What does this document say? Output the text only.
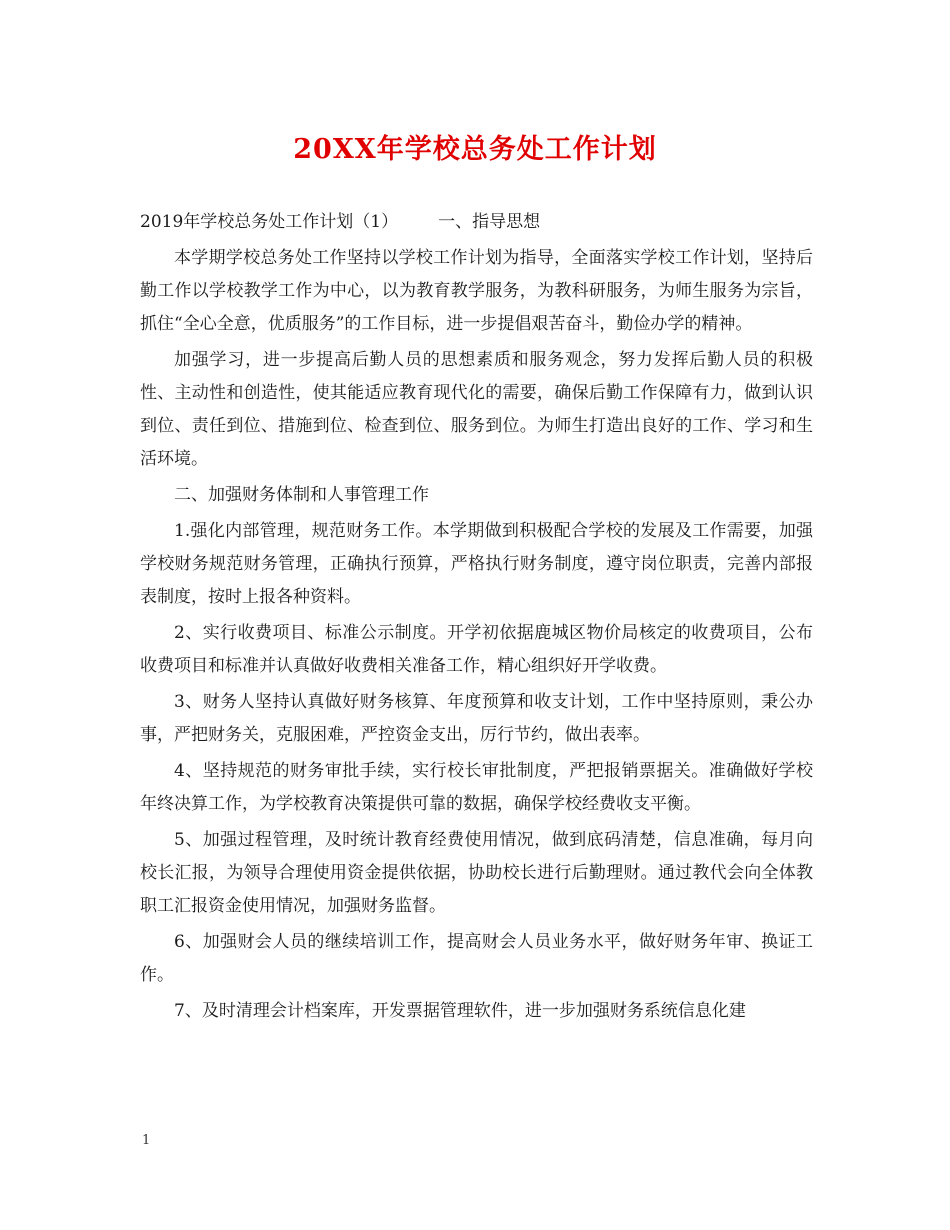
20XX年学校总务处工作计划

2019年学校总务处工作计划（1） 一、指导思想

本学期学校总务处工作坚持以学校工作计划为指导，全面落实学校工作计划，坚持后勤工作以学校教学工作为中心，以为教育教学服务，为教科研服务，为师生服务为宗旨，抓住“全心全意，优质服务”的工作目标，进一步提倡艰苦奋斗，勤俭办学的精神。

加强学习，进一步提高后勤人员的思想素质和服务观念，努力发挥后勤人员的积极性、主动性和创造性，使其能适应教育现代化的需要，确保后勤工作保障有力，做到认识到位、责任到位、措施到位、检查到位、服务到位。为师生打造出良好的工作、学习和生活环境。

二、加强财务体制和人事管理工作

1.强化内部管理，规范财务工作。本学期做到积极配合学校的发展及工作需要，加强学校财务规范财务管理，正确执行预算，严格执行财务制度，遵守岗位职责，完善内部报表制度，按时上报各种资料。

2、实行收费项目、标准公示制度。开学初依据鹿城区物价局核定的收费项目，公布收费项目和标准并认真做好收费相关准备工作，精心组织好开学收费。

3、财务人坚持认真做好财务核算、年度预算和收支计划，工作中坚持原则，秉公办事，严把财务关，克服困难，严控资金支出，厉行节约，做出表率。

4、坚持规范的财务审批手续，实行校长审批制度，严把报销票据关。准确做好学校年终决算工作，为学校教育决策提供可靠的数据，确保学校经费收支平衡。

5、加强过程管理，及时统计教育经费使用情况，做到底码清楚，信息准确，每月向校长汇报，为领导合理使用资金提供依据，协助校长进行后勤理财。通过教代会向全体教职工汇报资金使用情况，加强财务监督。

6、加强财会人员的继续培训工作，提高财会人员业务水平，做好财务年审、换证工作。

7、及时清理会计档案库，开发票据管理软件，进一步加强财务系统信息化建

1
